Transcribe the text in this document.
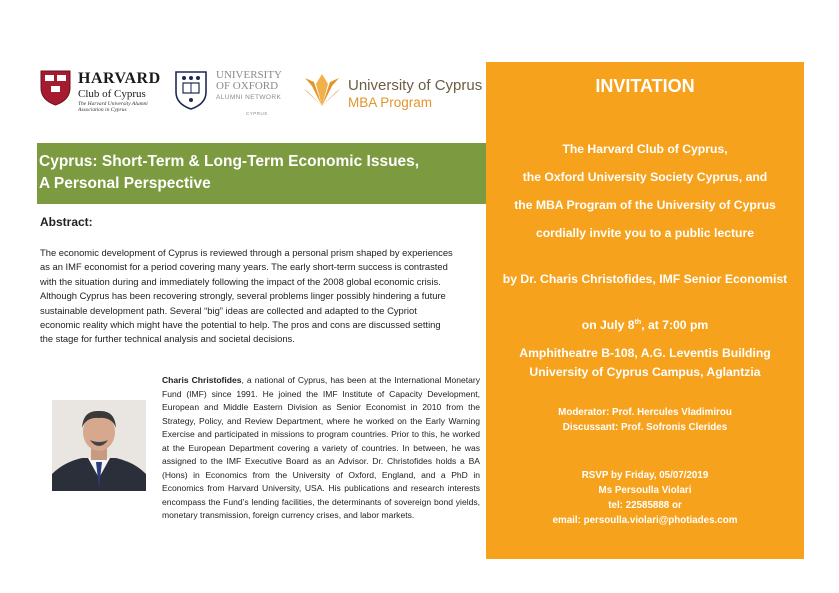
HARVARD
Club of Cyprus
The Harvard University Alumni Association in Cyprus
UNIVERSITY
OF OXFORD
ALUMNI NETWORK
CYPRUS
University of Cyprus
MBA Program
Cyprus: Short-Term & Long-Term Economic Issues,
A Personal Perspective
Abstract:
The economic development of Cyprus is reviewed through a personal prism shaped by experiences
as an IMF economist for a period covering many years. The early short-term success is contrasted
with the situation during and immediately following the impact of the 2008 global economic crisis.
Although Cyprus has been recovering strongly, several problems linger possibly hindering a future
sustainable development path. Several “big” ideas are collected and adapted to the Cypriot
economic reality which might have the potential to help. The pros and cons are discussed setting
the stage for further technical analysis and societal decisions.
Charis Christofides, a national of Cyprus, has been at the International Monetary Fund (IMF) since 1991. He joined the IMF Institute of Capacity Development, European and Middle Eastern Division as Senior Economist in 2010 from the Strategy, Policy, and Review Department, where he worked on the Early Warning Exercise and participated in missions to program countries. Prior to this, he worked at the European Department covering a variety of countries. In between, he was assigned to the IMF Executive Board as an Advisor. Dr. Christofides holds a BA (Hons) in Economics from the University of Oxford, England, and a PhD in Economics from Harvard University, USA. His publications and research interests encompass the Fund’s lending facilities, the determinants of sovereign bond yields, monetary transmission, foreign currency crises, and labor markets.
INVITATION
The Harvard Club of Cyprus,
the Oxford University Society Cyprus, and
the MBA Program of the University of Cyprus
cordially invite you to a public lecture
by Dr. Charis Christofides, IMF Senior Economist
on July 8th, at 7:00 pm
Amphitheatre B-108, A.G. Leventis Building
University of Cyprus Campus, Aglantzia
Moderator: Prof. Hercules Vladimirou
Discussant: Prof. Sofronis Clerides
RSVP by Friday, 05/07/2019
Ms Persoulla Violari
tel: 22585888 or
email: persoulla.violari@photiades.com
